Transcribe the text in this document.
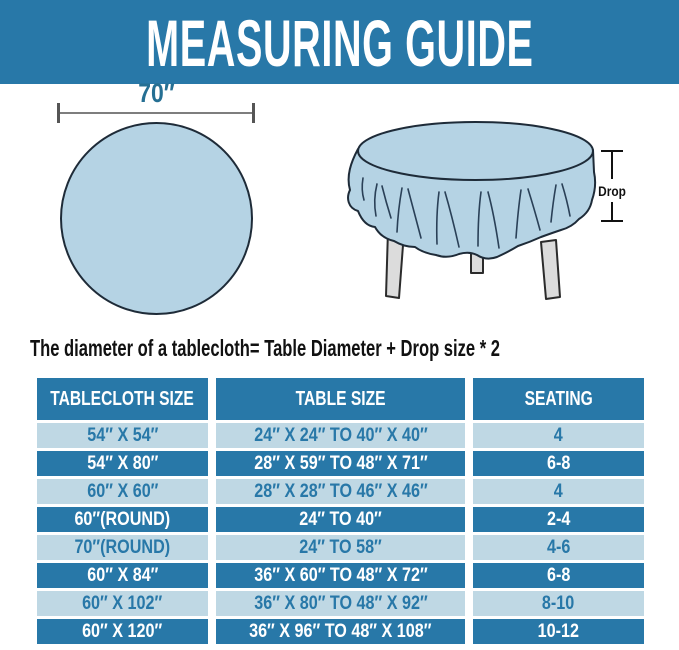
MEASURING GUIDE
70″
Drop
The diameter of a tablecloth= Table Diameter + Drop size * 2
TABLECLOTH SIZE	TABLE SIZE	SEATING
54″ X 54″	24″ X 24″ TO 40″ X 40″	4
54″ X 80″	28″ X 59″ TO 48″ X 71″	6-8
60″ X 60″	28″ X 28″ TO 46″ X 46″	4
60″(ROUND)	24″ TO 40″	2-4
70″(ROUND)	24″ TO 58″	4-6
60″ X 84″	36″ X 60″ TO 48″ X 72″	6-8
60″ X 102″	36″ X 80″ TO 48″ X 92″	8-10
60″ X 120″	36″ X 96″ TO 48″ X 108″	10-12
